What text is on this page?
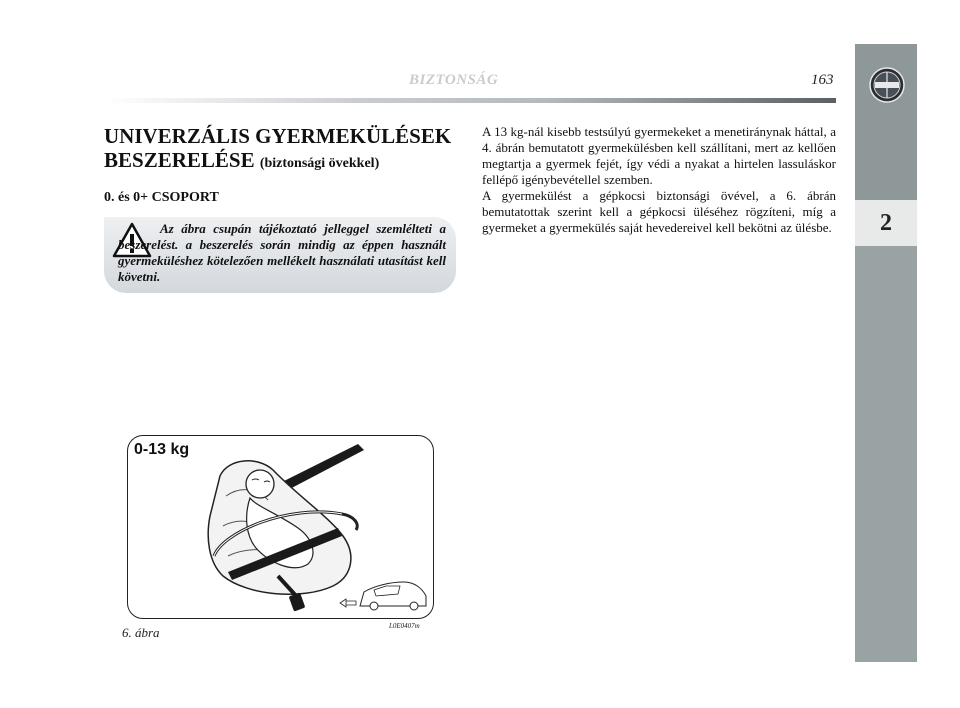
2
BIZTONSÁG	163
UNIVERZÁLIS GYERMEKÜLÉSEK
BESZERELÉSE (biztonsági övekkel)
0. és 0+ CSOPORT
Az ábra csupán tájékoztató jelleggel szemlélteti a beszerelést. a beszerelés során mindig az éppen használt gyermeküléshez kötelezően mellékelt használati utasítást kell követni.

A 13 kg-nál kisebb testsúlyú gyermekeket a menetiránynak háttal, a 4. ábrán bemutatott gyermekülésben kell szállítani, mert az kellően megtartja a gyermek fejét, így védi a nyakat a hirtelen lassuláskor fellépő igénybevétellel szemben.

A gyermekülést a gépkocsi biztonsági övével, a 6. ábrán bemutatottak szerint kell a gépkocsi üléséhez rögzíteni, míg a gyermeket a gyermekülés saját hevedereivel kell bekötni az ülésbe.

0-13 kg
L0E0407m
6. ábra
